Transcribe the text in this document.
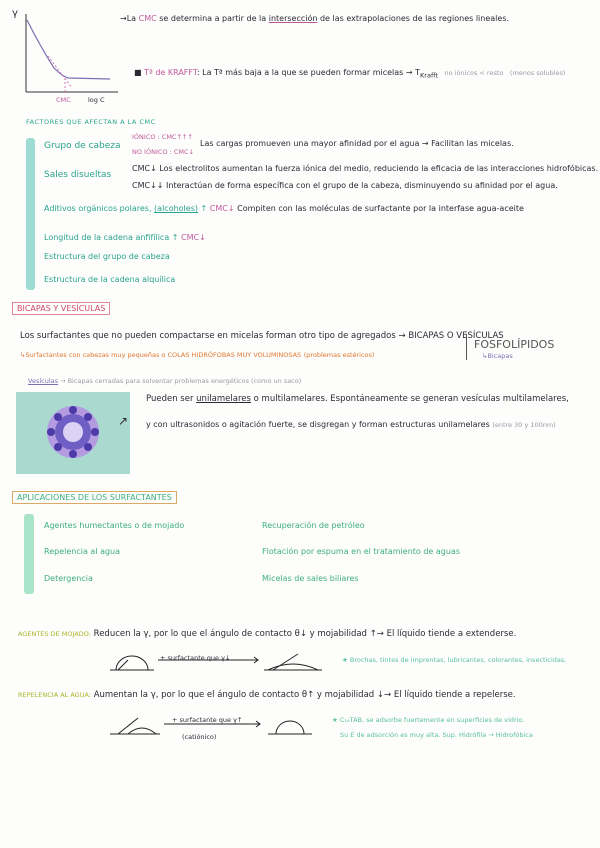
γ
CMC	log C
→La CMC se determina a partir de la intersección de las extrapolaciones de las regiones lineales.
■ Tª de KRAFFT: La Tª más baja a la que se pueden formar micelas → $T_{Krafft}$ no iónicos < resto (menos solubles)
FACTORES QUE AFECTAN A LA CMC
Grupo de cabeza
IÓNICO : CMC↑↑↑
NO IÓNICO : CMC↓
Las cargas promueven una mayor afinidad por el agua → Facilitan las micelas.
Sales disueltas
CMC↓ Los electrolitos aumentan la fuerza iónica del medio, reduciendo la eficacia de las interacciones hidrofóbicas.
CMC↓↓ Interactúan de forma específica con el grupo de la cabeza, disminuyendo su afinidad por el agua.
Aditivos orgánicos polares, (alcoholes) ↑ CMC↓ Compiten con las moléculas de surfactante por la interfase agua-aceite
Longitud de la cadena anfifílica ↑ CMC↓
Estructura del grupo de cabeza
Estructura de la cadena alquílica
BICAPAS Y VESÍCULAS
Los surfactantes que no pueden compactarse en micelas forman otro tipo de agregados → BICAPAS O VESÍCULAS
FOSFOLÍPIDOS
↳Bicapas
↳Surfactantes con cabezas muy pequeñas o COLAS HIDRÓFOBAS MUY VOLUMINOSAS (problemas estéricos)
Vesículas → Bicapas cerradas para solventar problemas energéticos (como un saco)
↗
Pueden ser unilamelares o multilamelares. Espontáneamente se generan vesículas multilamelares,
y con ultrasonidos o agitación fuerte, se disgregan y forman estructuras unilamelares (entre 30 y 100nm)
APLICACIONES DE LOS SURFACTANTES
Agentes humectantes o de mojado
Repelencia al agua
Detergencia
Recuperación de petróleo
Flotación por espuma en el tratamiento de aguas
Micelas de sales biliares
AGENTES DE MOJADO: Reducen la γ, por lo que el ángulo de contacto θ↓ y mojabilidad ↑→ El líquido tiende a extenderse.
+ surfactante que γ↓	★ Brochas, tintes de imprentas, lubricantes, colorantes, insecticidas.
REPELENCIA AL AGUA: Aumentan la γ, por lo que el ángulo de contacto θ↑ y mojabilidad ↓→ El líquido tiende a repelerse.
+ surfactante que γ↑
(catiónico)
★ C₁₆TAB, se adsorbe fuertemente en superficies de vidrio.
Su E de adsorción es muy alta. Sup. Hidrófila → Hidrofóbica
